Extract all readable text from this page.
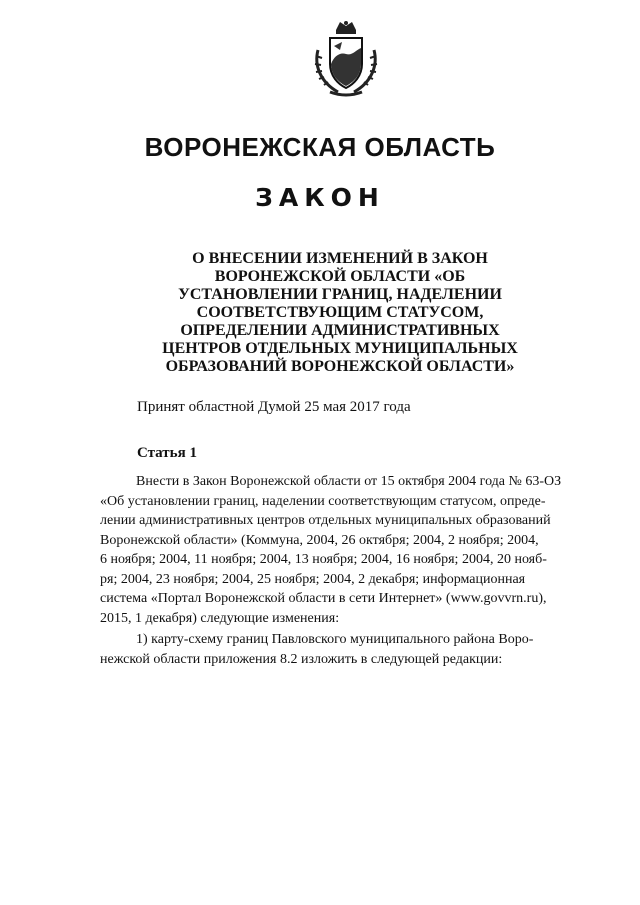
ВОРОНЕЖСКАЯ ОБЛАСТЬ
ЗАКОН
О ВНЕСЕНИИ ИЗМЕНЕНИЙ В ЗАКОН
ВОРОНЕЖСКОЙ ОБЛАСТИ «ОБ
УСТАНОВЛЕНИИ ГРАНИЦ, НАДЕЛЕНИИ
СООТВЕТСТВУЮЩИМ СТАТУСОМ,
ОПРЕДЕЛЕНИИ АДМИНИСТРАТИВНЫХ
ЦЕНТРОВ ОТДЕЛЬНЫХ МУНИЦИПАЛЬНЫХ
ОБРАЗОВАНИЙ ВОРОНЕЖСКОЙ ОБЛАСТИ»
Принят областной Думой 25 мая 2017 года
Статья 1
Внести в Закон Воронежской области от 15 октября 2004 года № 63-ОЗ
«Об установлении границ, наделении соответствующим статусом, опреде-
лении административных центров отдельных муниципальных образований
Воронежской области» (Коммуна, 2004, 26 октября; 2004, 2 ноября; 2004,
6 ноября; 2004, 11 ноября; 2004, 13 ноября; 2004, 16 ноября; 2004, 20 нояб-
ря; 2004, 23 ноября; 2004, 25 ноября; 2004, 2 декабря; информационная
система «Портал Воронежской области в сети Интернет» (www.govvrn.ru),
2015, 1 декабря) следующие изменения:
1) карту-схему границ Павловского муниципального района Воро-
нежской области приложения 8.2 изложить в следующей редакции:
